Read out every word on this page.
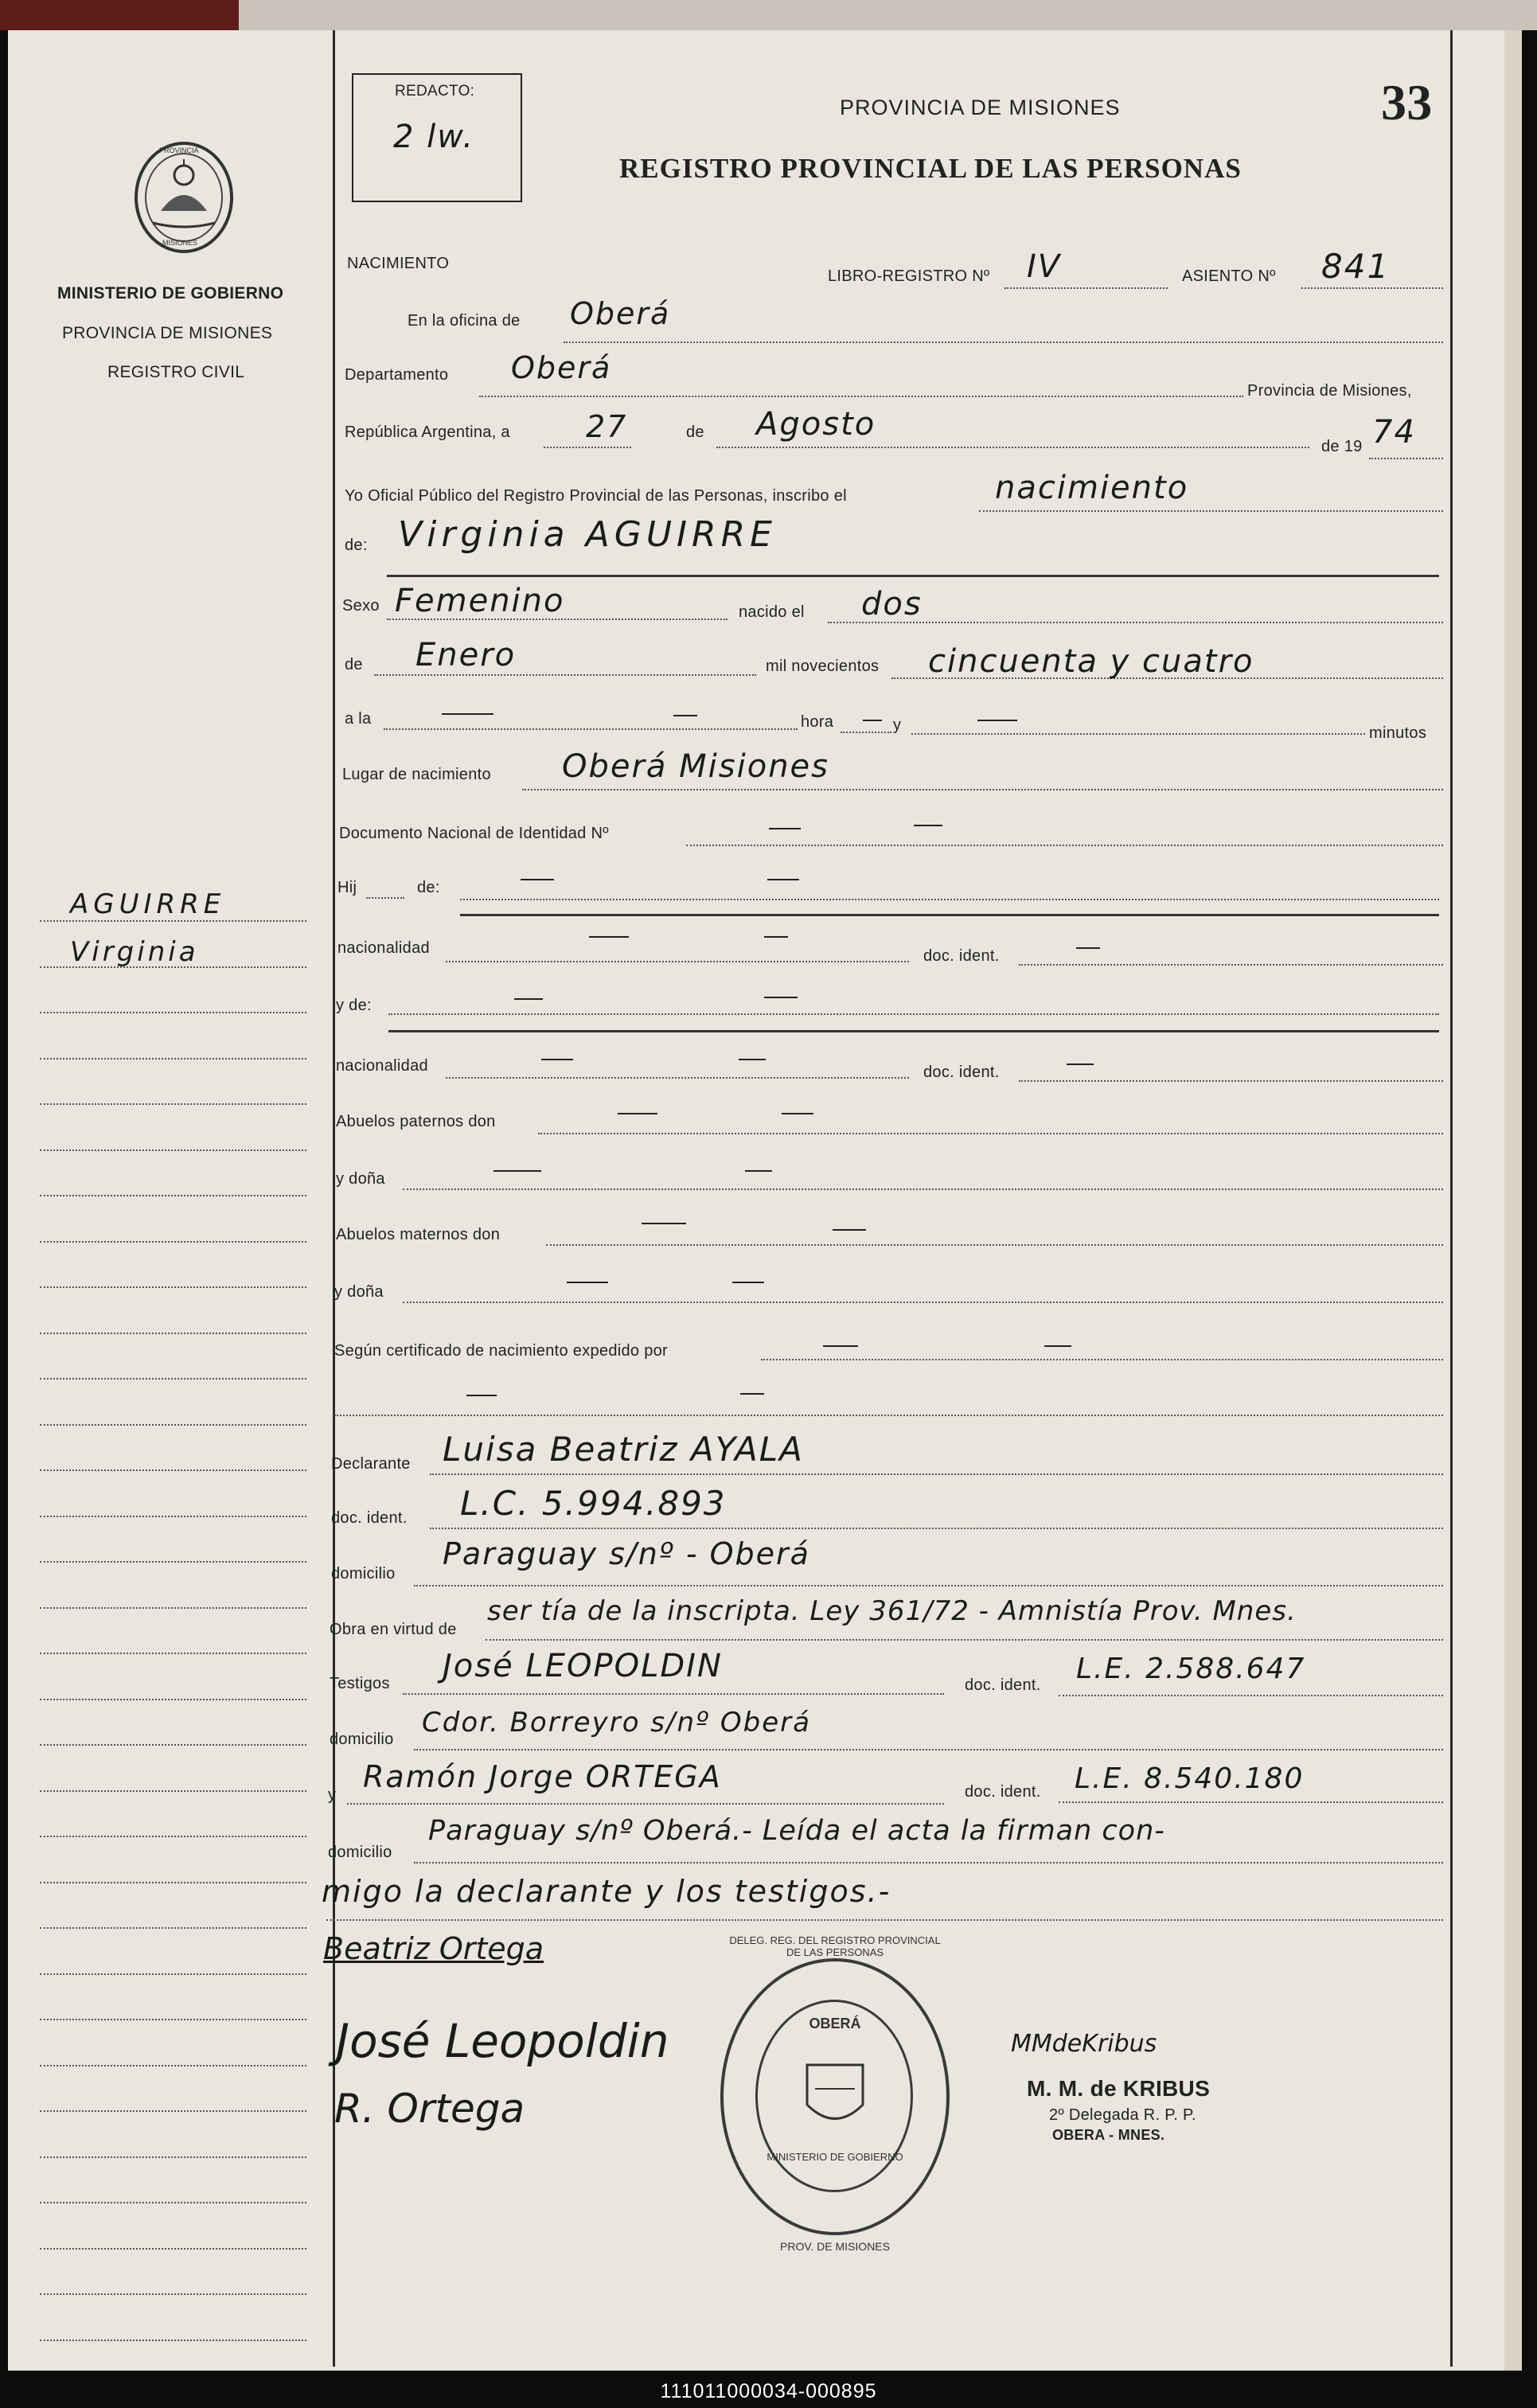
PROVINCIA
MISIONES
MINISTERIO DE GOBIERNO
PROVINCIA DE MISIONES
REGISTRO CIVIL
AGUIRRE
Virginia
REDACTO:
2 lw.
PROVINCIA DE MISIONES
REGISTRO PROVINCIAL DE LAS PERSONAS
33
NACIMIENTO
LIBRO-REGISTRO Nº IV	ASIENTO Nº 841
En la oficina de Oberá
Departamento Oberá
Provincia de Misiones,
República Argentina, a	27	de Agosto
de 19 74
Yo Oficial Público del Registro Provincial de las Personas, inscribo el	nacimiento
de: Virginia AGUIRRE
Sexo Femenino	nacido el dos
de Enero	mil novecientos cincuenta y cuatro
a la	hora	y	minutos
Lugar de nacimiento Oberá Misiones
Documento Nacional de Identidad Nº
Hij	de:
nacionalidad	doc. ident.
y de:
nacionalidad	doc. ident.
Abuelos paternos don
y doña
Abuelos maternos don
y doña
Según certificado de nacimiento expedido por
Declarante Luisa Beatriz AYALA
doc. ident. L.C. 5.994.893
domicilio
Paraguay s/nº - Oberá
Obra en virtud de
ser tía de la inscripta. Ley 361/72 - Amnistía Prov. Mnes.
Testigos José LEOPOLDIN
doc. ident. L.E. 2.588.647
domicilio
Cdor. Borreyro s/nº Oberá
y
Ramón Jorge ORTEGA	doc. ident. L.E. 8.540.180
domicilio
Paraguay s/nº Oberá.- Leída el acta la firman con-
migo la declarante y los testigos.-
Beatriz Ortega
José Leopoldin
R. Ortega
DELEG. REG. DEL REGISTRO PROVINCIAL DE LAS PERSONAS
OBERÁ
MINISTERIO DE GOBIERNO
PROV. DE MISIONES
MMdeKribus
M. M. de KRIBUS
2º Delegada R. P. P.
OBERA - MNES.
111011000034-000895
